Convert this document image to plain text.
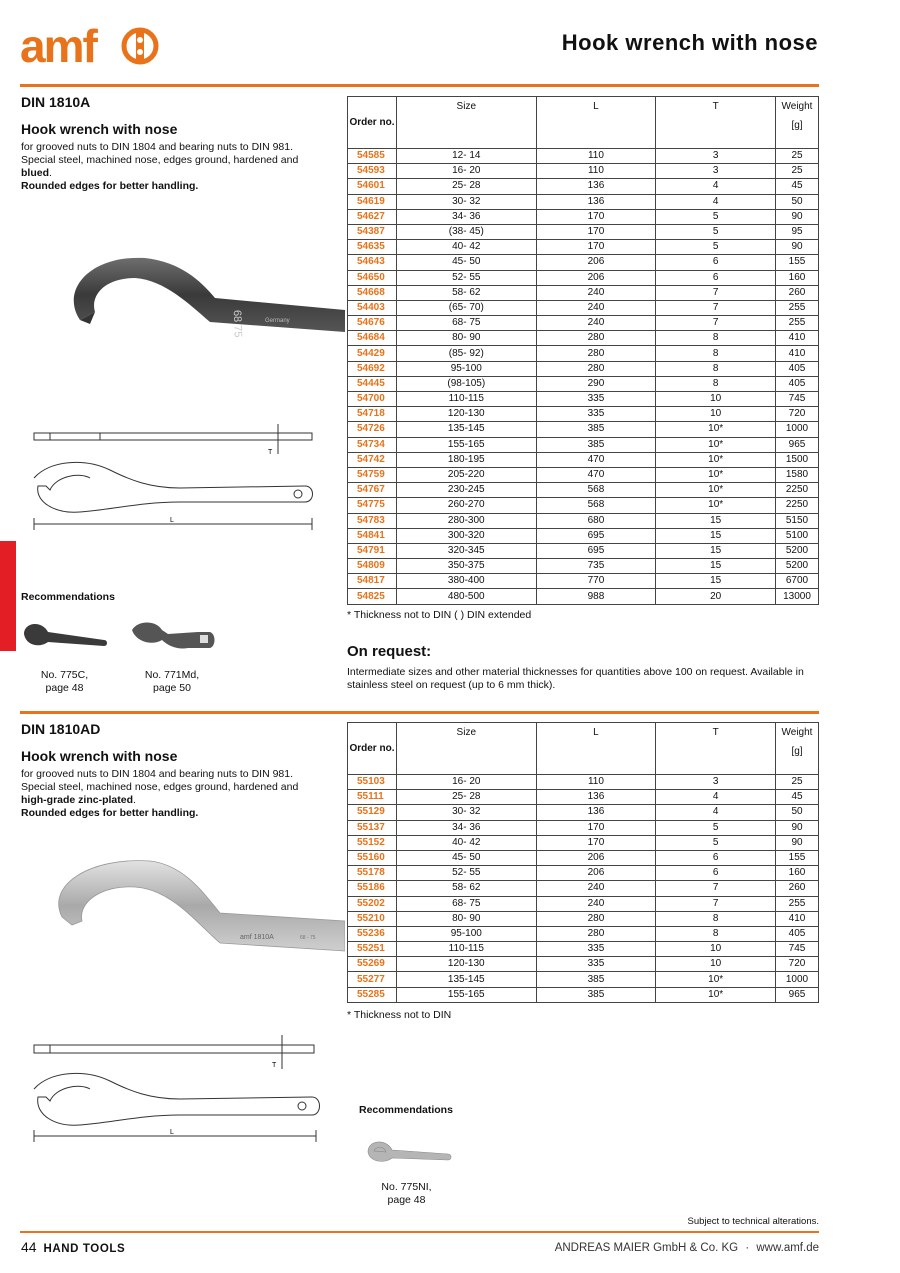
amf	Hook wrench with nose
DIN 1810A
Hook wrench with nose
for grooved nuts to DIN 1804 and bearing nuts to DIN 981.
Special steel, machined nose, edges ground, hardened and
blued.
Rounded edges for better handling.
68 75	Germany
T
L
Recommendations
No. 775C,
page 48
No. 771Md,
page 50
Order no.	Size	L	T	Weight
[g]

54585	12- 14	110	3	25
54593	16- 20	110	3	25
54601	25- 28	136	4	45
54619	30- 32	136	4	50
54627	34- 36	170	5	90
54387	(38- 45)	170	5	95
54635	40- 42	170	5	90
54643	45- 50	206	6	155
54650	52- 55	206	6	160
54668	58- 62	240	7	260
54403	(65- 70)	240	7	255
54676	68- 75	240	7	255
54684	80- 90	280	8	410
54429	(85- 92)	280	8	410
54692	95-100	280	8	405
54445	(98-105)	290	8	405
54700	110-115	335	10	745
54718	120-130	335	10	720
54726	135-145	385	10*	1000
54734	155-165	385	10*	965
54742	180-195	470	10*	1500
54759	205-220	470	10*	1580
54767	230-245	568	10*	2250
54775	260-270	568	10*	2250
54783	280-300	680	15	5150
54841	300-320	695	15	5100
54791	320-345	695	15	5200
54809	350-375	735	15	5200
54817	380-400	770	15	6700
54825	480-500	988	20	13000
* Thickness not to DIN ( ) DIN extended
On request:
Intermediate sizes and other material thicknesses for quantities above 100 on request. Available in
stainless steel on request (up to 6 mm thick).
DIN 1810AD
Hook wrench with nose
for grooved nuts to DIN 1804 and bearing nuts to DIN 981.
Special steel, machined nose, edges ground, hardened and
high-grade zinc-plated.
Rounded edges for better handling.
amf 1810A	68 - 75
T
L
Recommendations
No. 775NI,
page 48
Order no.	Size	L	T	Weight
[g]

55103	16- 20	110	3	25
55111	25- 28	136	4	45
55129	30- 32	136	4	50
55137	34- 36	170	5	90
55152	40- 42	170	5	90
55160	45- 50	206	6	155
55178	52- 55	206	6	160
55186	58- 62	240	7	260
55202	68- 75	240	7	255
55210	80- 90	280	8	410
55236	95-100	280	8	405
55251	110-115	335	10	745
55269	120-130	335	10	720
55277	135-145	385	10*	1000
55285	155-165	385	10*	965
* Thickness not to DIN
Subject to technical alterations.
44 HAND TOOLS	ANDREAS MAIER GmbH & Co. KG · www.amf.de
